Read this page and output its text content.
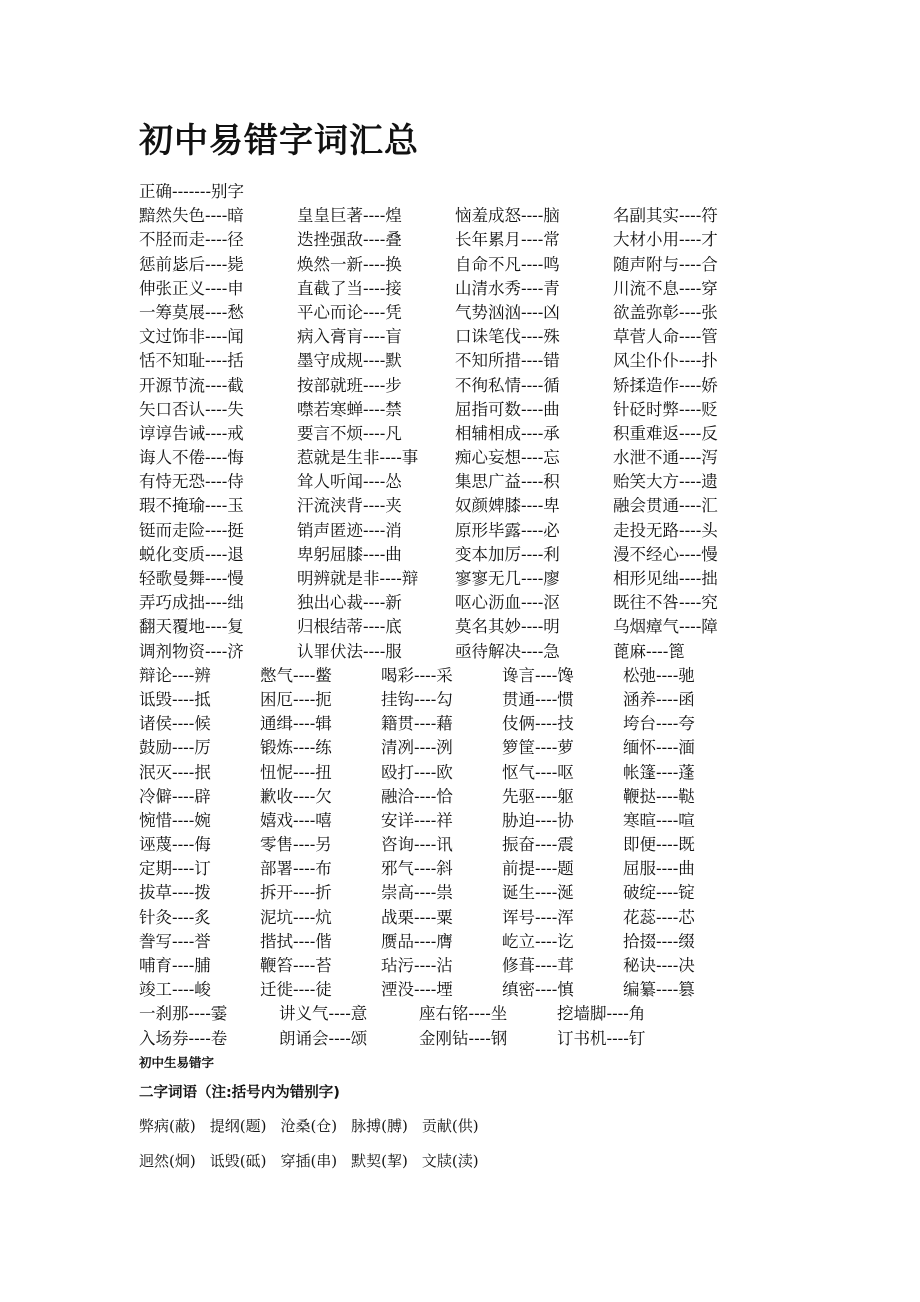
初中易错字词汇总
正确-------别字
黯然失色----暗	皇皇巨著----煌	恼羞成怒----脑	名副其实----符
不胫而走----径	迭挫强敌----叠	长年累月----常	大材小用----才
惩前毖后----毙	焕然一新----换	自命不凡----鸣	随声附与----合
伸张正义----申	直截了当----接	山清水秀----青	川流不息----穿
一筹莫展----愁	平心而论----凭	气势汹汹----凶	欲盖弥彰----张
文过饰非----闻	病入膏肓----盲	口诛笔伐----殊	草菅人命----管
恬不知耻----括	墨守成规----默	不知所措----错	风尘仆仆----扑
开源节流----截	按部就班----步	不徇私情----循	矫揉造作----娇
矢口否认----失	噤若寒蝉----禁	屈指可数----曲	针砭时弊----贬
谆谆告诫----戒	要言不烦----凡	相辅相成----承	积重难返----反
诲人不倦----悔	惹就是生非----事 痴心妄想----忘	水泄不通----泻
有恃无恐----侍	耸人听闻----怂	集思广益----积	贻笑大方----遗
瑕不掩瑜----玉	汗流浃背----夹	奴颜婢膝----卑	融会贯通----汇
铤而走险----挺	销声匿迹----消	原形毕露----必	走投无路----头
蜕化变质----退	卑躬屈膝----曲	变本加厉----利	漫不经心----慢
轻歌曼舞----慢	明辨就是非----辩 寥寥无几----廖	相形见绌----拙
弄巧成拙----绌	独出心裁----新	呕心沥血----沤	既往不咎----究
翻天覆地----复	归根结蒂----底	莫名其妙----明	乌烟瘴气----障
调剂物资----济	认罪伏法----服	亟待解决----急	蓖麻----篦
辩论----辨	憋气----鳖	喝彩----采	谗言----馋	松弛----驰
诋毁----抵	困厄----扼	挂钩----勾	贯通----惯	涵养----函
诸侯----候	通缉----辑	籍贯----藉	伎俩----技	垮台----夸
鼓励----厉	锻炼----练	清冽----洌	箩筐----萝	缅怀----湎
泯灭----抿	忸怩----扭	殴打----欧	怄气----呕	帐篷----蓬
冷僻----辟	歉收----欠	融洽----恰	先驱----躯	鞭挞----鞑
惋惜----婉	嬉戏----嘻	安详----祥	胁迫----协	寒暄----喧
诬蔑----侮	零售----另	咨询----讯	振奋----震	即便----既
定期----订	部署----布	邪气----斜	前提----题	屈服----曲
拔草----拨	拆开----折	崇高----祟	诞生----涎	破绽----锭
针灸----炙	泥坑----炕	战栗----粟	诨号----浑	花蕊----芯
誊写----誉	揩拭----偕	赝品----膺	屹立----讫	拾掇----缀
哺育----脯	鞭笞----苔	玷污----沾	修葺----茸	秘诀----决
竣工----峻	迁徙----徒	湮没----堙	缜密----慎	编纂----篡
一刹那----霎	讲义气----意	座右铭----坐	挖墙脚----角
入场券----卷	朗诵会----颂	金刚钻----钢	订书机----钉
初中生易错字
二字词语（注:括号内为错别字)
弊病(蔽) 提纲(题) 沧桑(仓) 脉搏(膊) 贡献(供)
迥然(炯) 诋毁(砥) 穿插(串) 默契(挈) 文牍(渎)
